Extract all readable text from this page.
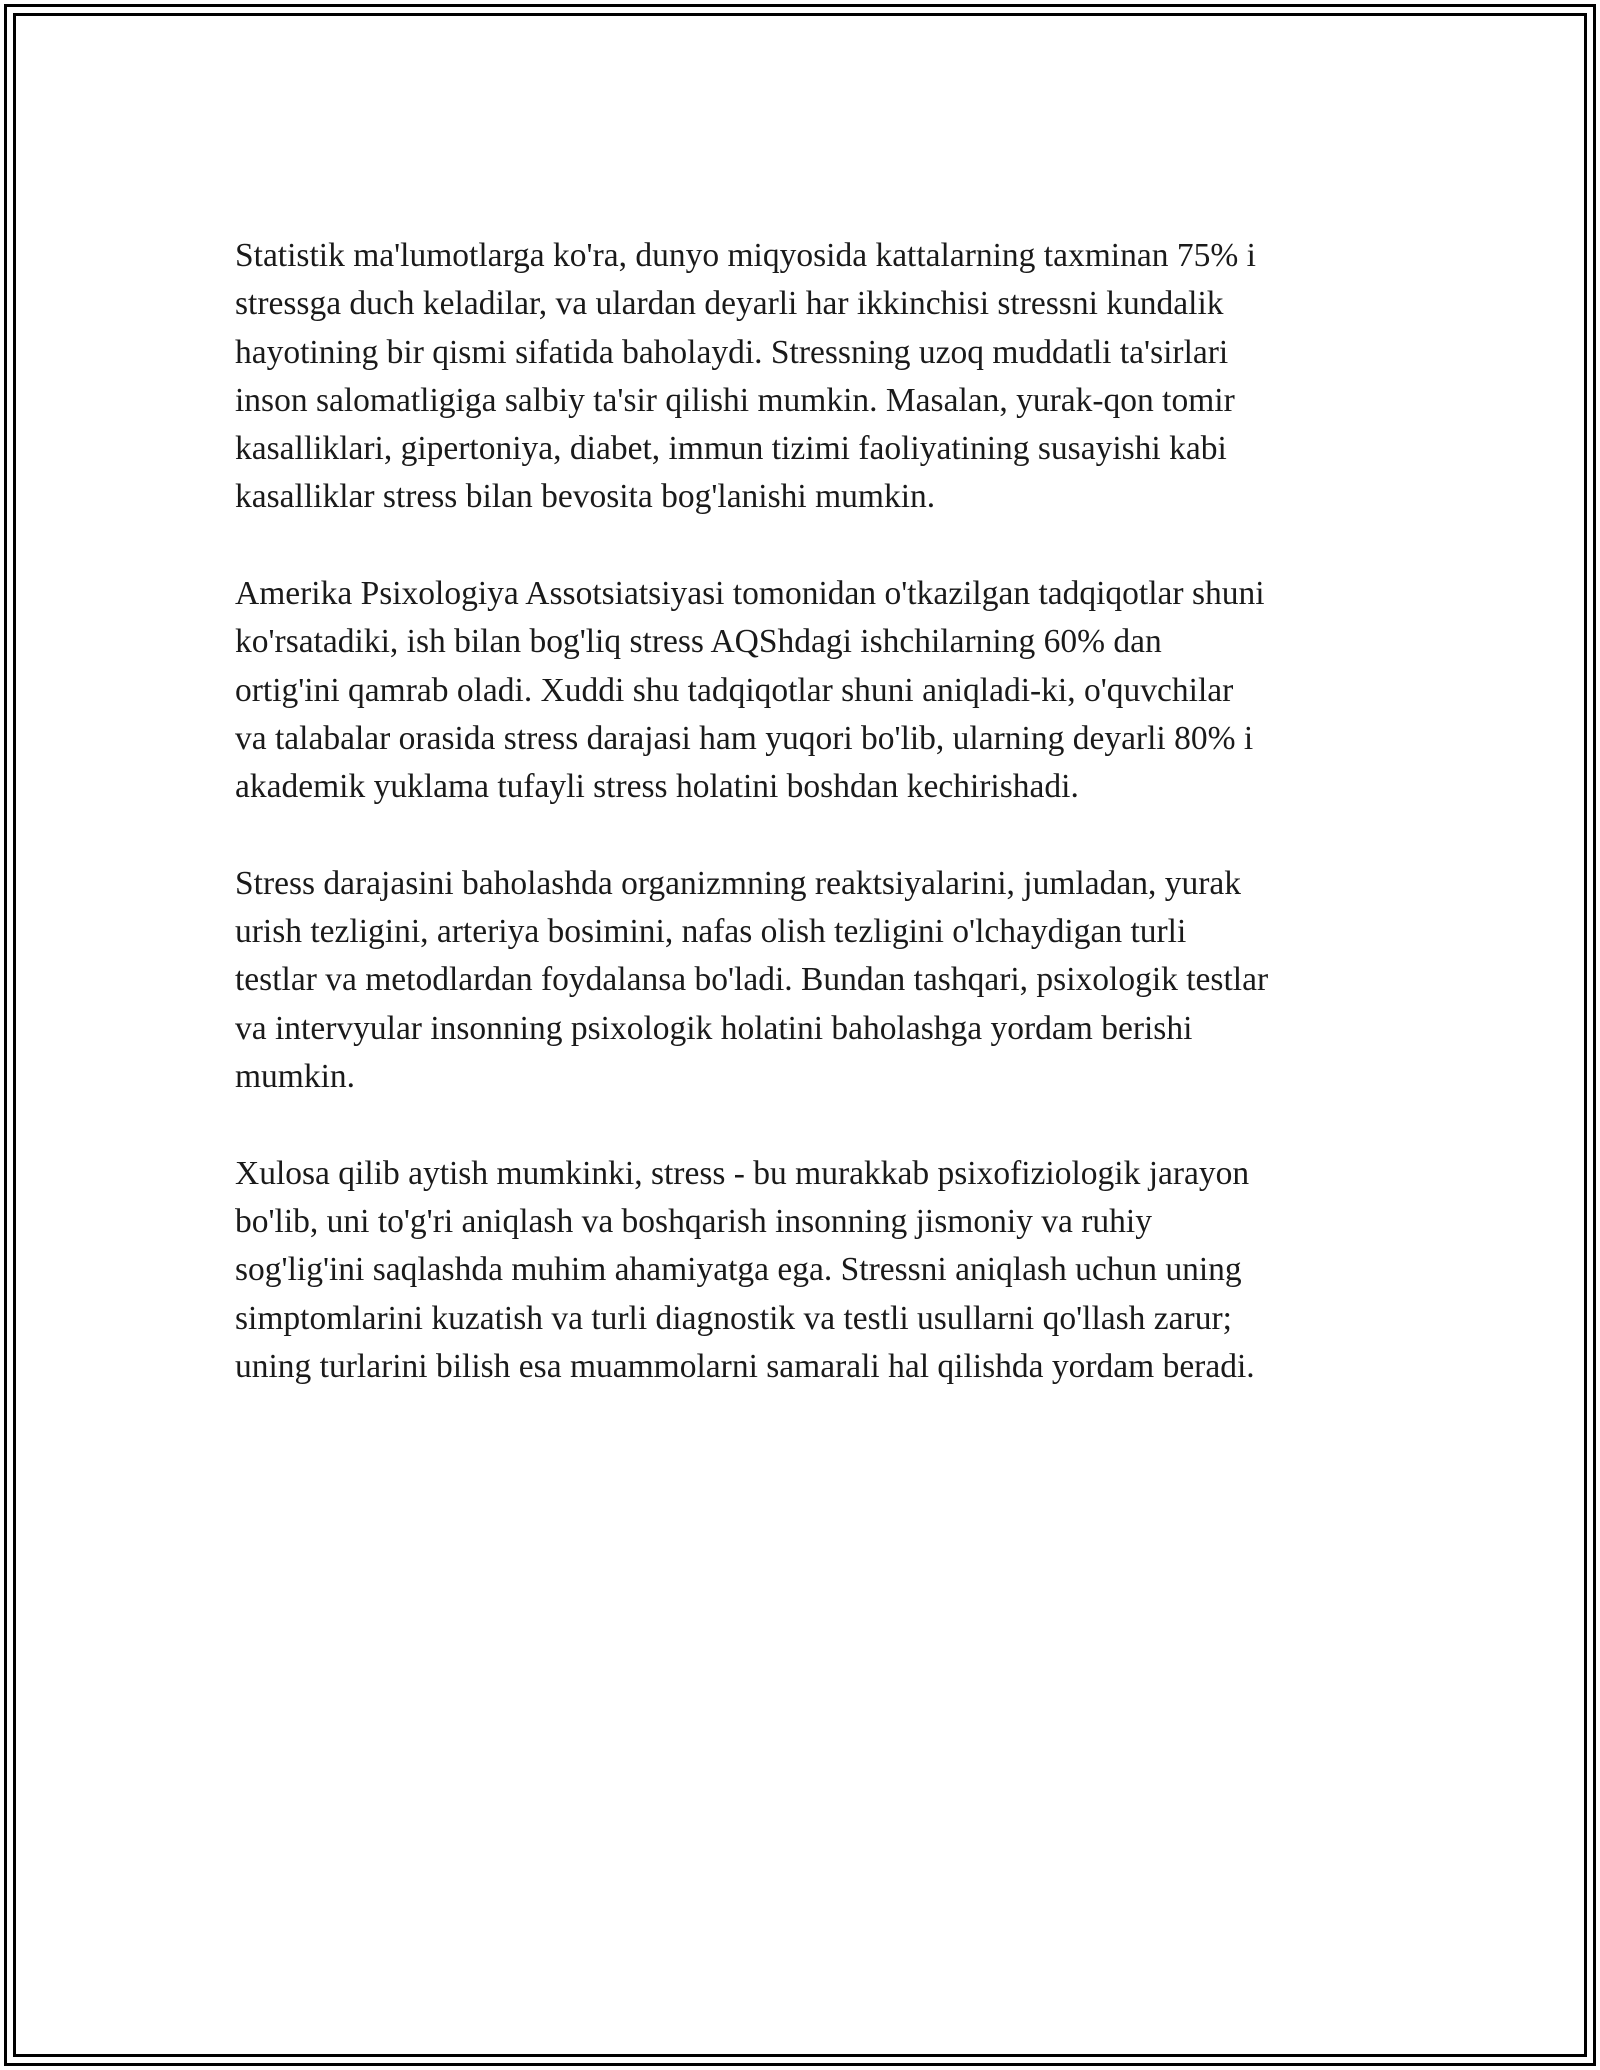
Statistik ma'lumotlarga ko'ra, dunyo miqyosida kattalarning taxminan 75% i
stressga duch keladilar, va ulardan deyarli har ikkinchisi stressni kundalik
hayotining bir qismi sifatida baholaydi. Stressning uzoq muddatli ta'sirlari
inson salomatligiga salbiy ta'sir qilishi mumkin. Masalan, yurak-qon tomir
kasalliklari, gipertoniya, diabet, immun tizimi faoliyatining susayishi kabi
kasalliklar stress bilan bevosita bog'lanishi mumkin.

Amerika Psixologiya Assotsiatsiyasi tomonidan o'tkazilgan tadqiqotlar shuni
ko'rsatadiki, ish bilan bog'liq stress AQShdagi ishchilarning 60% dan
ortig'ini qamrab oladi. Xuddi shu tadqiqotlar shuni aniqladi-ki, o'quvchilar
va talabalar orasida stress darajasi ham yuqori bo'lib, ularning deyarli 80% i
akademik yuklama tufayli stress holatini boshdan kechirishadi.

Stress darajasini baholashda organizmning reaktsiyalarini, jumladan, yurak
urish tezligini, arteriya bosimini, nafas olish tezligini o'lchaydigan turli
testlar va metodlardan foydalansa bo'ladi. Bundan tashqari, psixologik testlar
va intervyular insonning psixologik holatini baholashga yordam berishi
mumkin.

Xulosa qilib aytish mumkinki, stress - bu murakkab psixofiziologik jarayon
bo'lib, uni to'g'ri aniqlash va boshqarish insonning jismoniy va ruhiy
sog'lig'ini saqlashda muhim ahamiyatga ega. Stressni aniqlash uchun uning
simptomlarini kuzatish va turli diagnostik va testli usullarni qo'llash zarur;
uning turlarini bilish esa muammolarni samarali hal qilishda yordam beradi.
